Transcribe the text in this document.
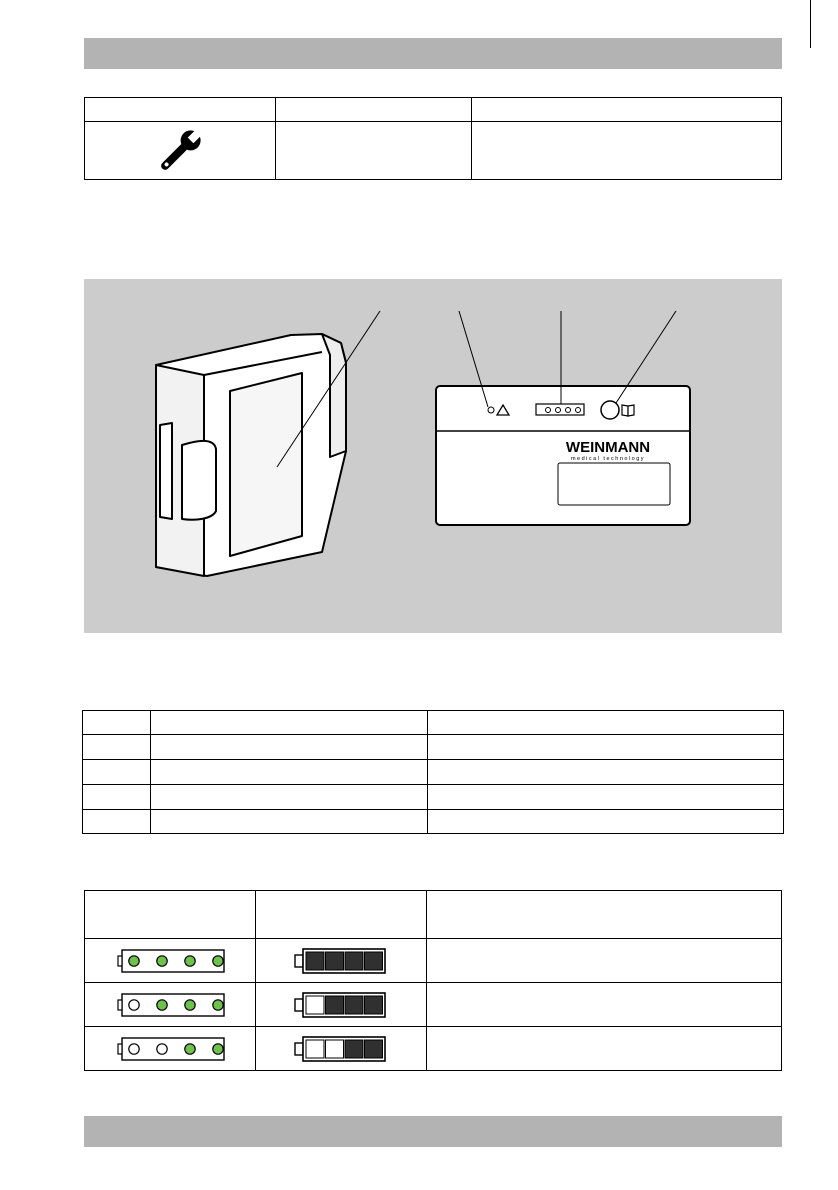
WEINMANN
medical technology
